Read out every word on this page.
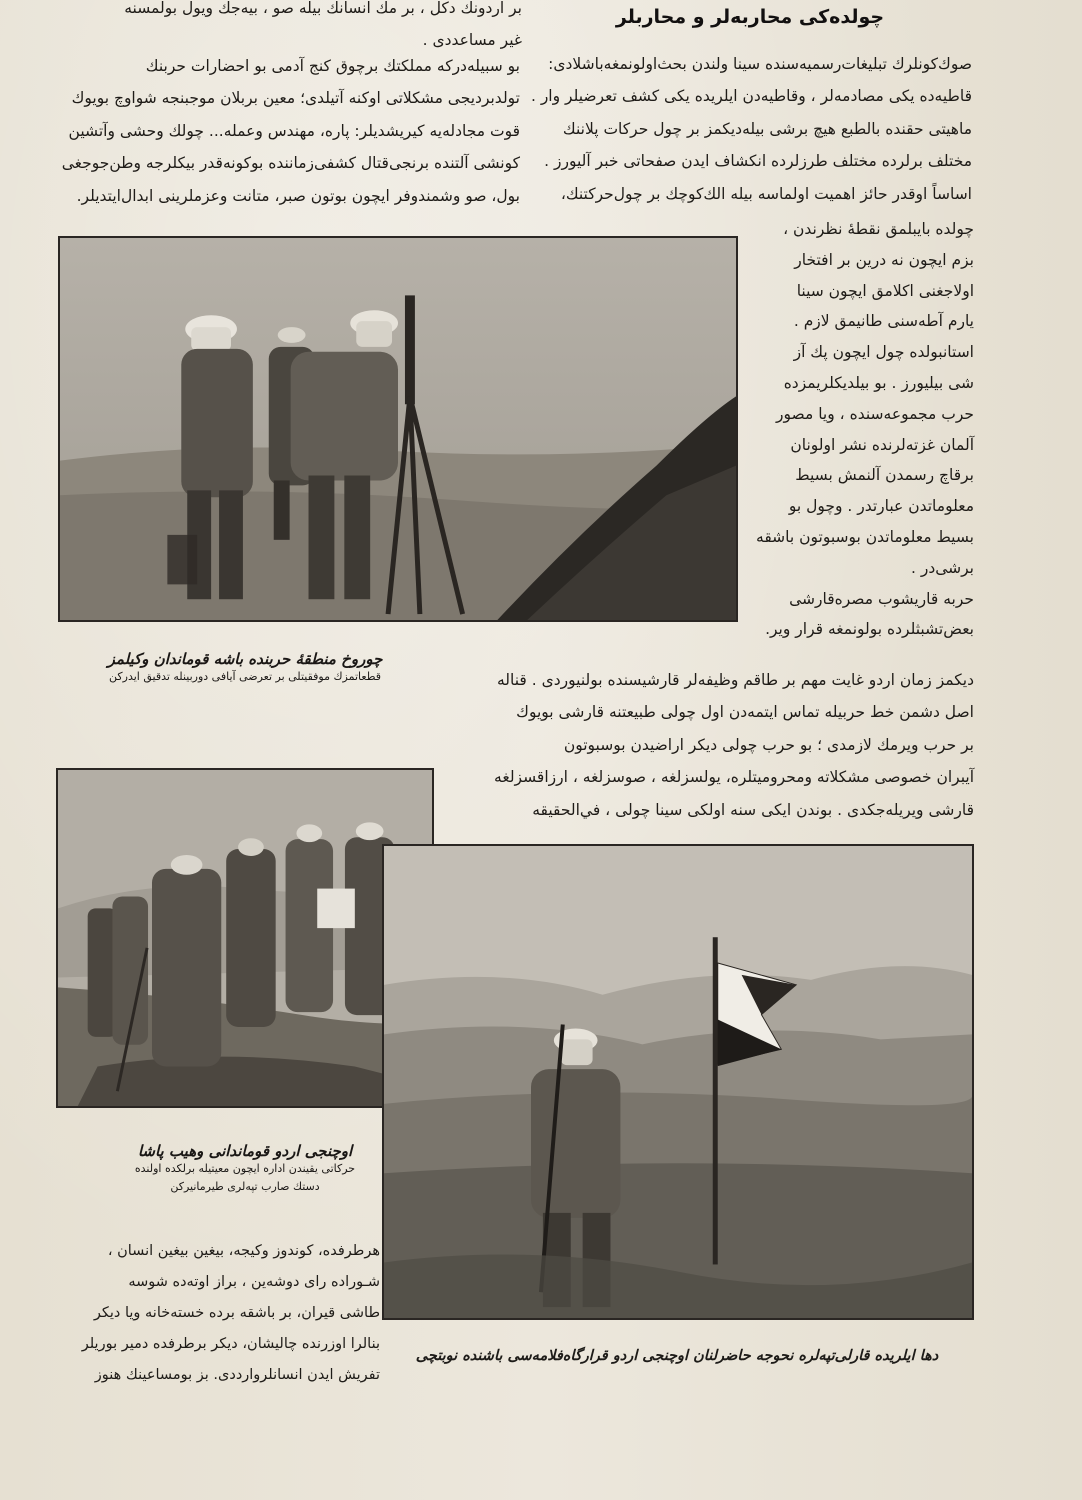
چولده‌كی محاربه‌لر و محاربلر

بر اردونك دكل ، بر مك انسانك بيله صو ، بيه‌جك ويول بولمسنه

غير مساعددی .

بو سبيله‌دركه مملكتك برچوق كنج آدمی بو احضارات حربنك

تولدبرديجی مشكلاتی اوكنه آتيلدی؛ معين بربلان موجبنجه شواوچ بويوك

قوت مجادله‌يه كيريشديلر: پاره، مهندس وعمله... چولك وحشی وآتشين

كونشی آلتنده برنجی‌قتال كشفی‌زماننده بوكونه‌قدر بيكلرجه وطن‌جوجغی

بول، صو وشمندوفر ايچون بوتون صبر، متانت وعزملرينی ابدال‌ايتديلر.

صوك‌كونلرك تبليغات‌رسميه‌سنده سينا ولندن بحث‌اولونمغه‌باشلادی:

قاطيه‌ده يكی مصادمه‌لر ، وقاطيه‌دن ايلريده يكی كشف تعرضيلر وار .

ماهيتی حقنده بالطبع هيچ برشی بيله‌ديكمز بر چول حركات پلاننك

مختلف برلرده مختلف طرزلرده انكشاف ايدن صفحاتی خبر آليورز .

اساساً اوقدر حائز اهميت اولماسه بيله الك‌كوچك بر چول‌حركتنك،

چولده بايبلمق نقطهٔ نظرندن ،

بزم ايچون نه درين بر افتخار

اولاجغنی اكلامق ايچون سينا

يارم آطه‌سنی طانيمق لازم .

استانبولده چول ايچون پك آز

شی بيليورز . بو بيلديكلريمزده

حرب مجموعه‌سنده ، ويا مصور

آلمان غزته‌لرنده نشر اولونان

برقاچ رسمدن آلنمش بسيط

معلوماتدن عبارتدر . وچول بو

بسيط معلوماتدن بوسبوتون باشقه

برشی‌در .

حربه قاريشوب مصره‌قارشی

بعض‌تشبثلرده بولونمغه قرار وير.

ديكمز زمان اردو غايت مهم بر طاقم وظيفه‌لر قارشيسنده بولنيوردی . قناله

اصل دشمن خط حربيله تماس ايتمه‌دن اول چولی طبيعتنه قارشی بويوك

بر حرب ويرمك لازمدی ؛ بو حرب چولی ديكر اراضيدن بوسبوتون

آيبران خصوصی مشكلاته ومحروميتلره، يولسزلغه ، صوسزلغه ، ارزاقسزلغه

قارشی ويريله‌جكدی . بوندن ايكی سنه اولكی سينا چولی ، في‌الحقيقه

هرطرفده، كوندوز وكيجه، بيغين بيغين انسان ،

شـوراده راى دوشه‌ين ، براز اوته‌ده شوسه

طاشی قيران، بر باشقه برده خسته‌خانه ويا ديكر

بنالرا اوزرنده چاليشان، ديكر برطرفده دمير بوريلر

تفريش ايدن انسانلروارددی. بز بومساعينك هنوز

چوروخ منطقهٔ حربنده باشه قوماندان وكيلمز
قطعاتمزك موفقيتلی بر تعرضی آيافی دوربينله تدقيق ايدركن
اوچنجی اردو قوماندانی وهيب پاشا
حركاتی يقيندن اداره ايچون معيتيله برلكده اولنده
دستك صارب تپه‌لری طيرمانيركن
دها ايلريده قارلی‌تپه‌لره نحوجه حاضرلنان اوچنجی اردو قرارگاه‌فلامه‌سی باشنده نوبتچی
